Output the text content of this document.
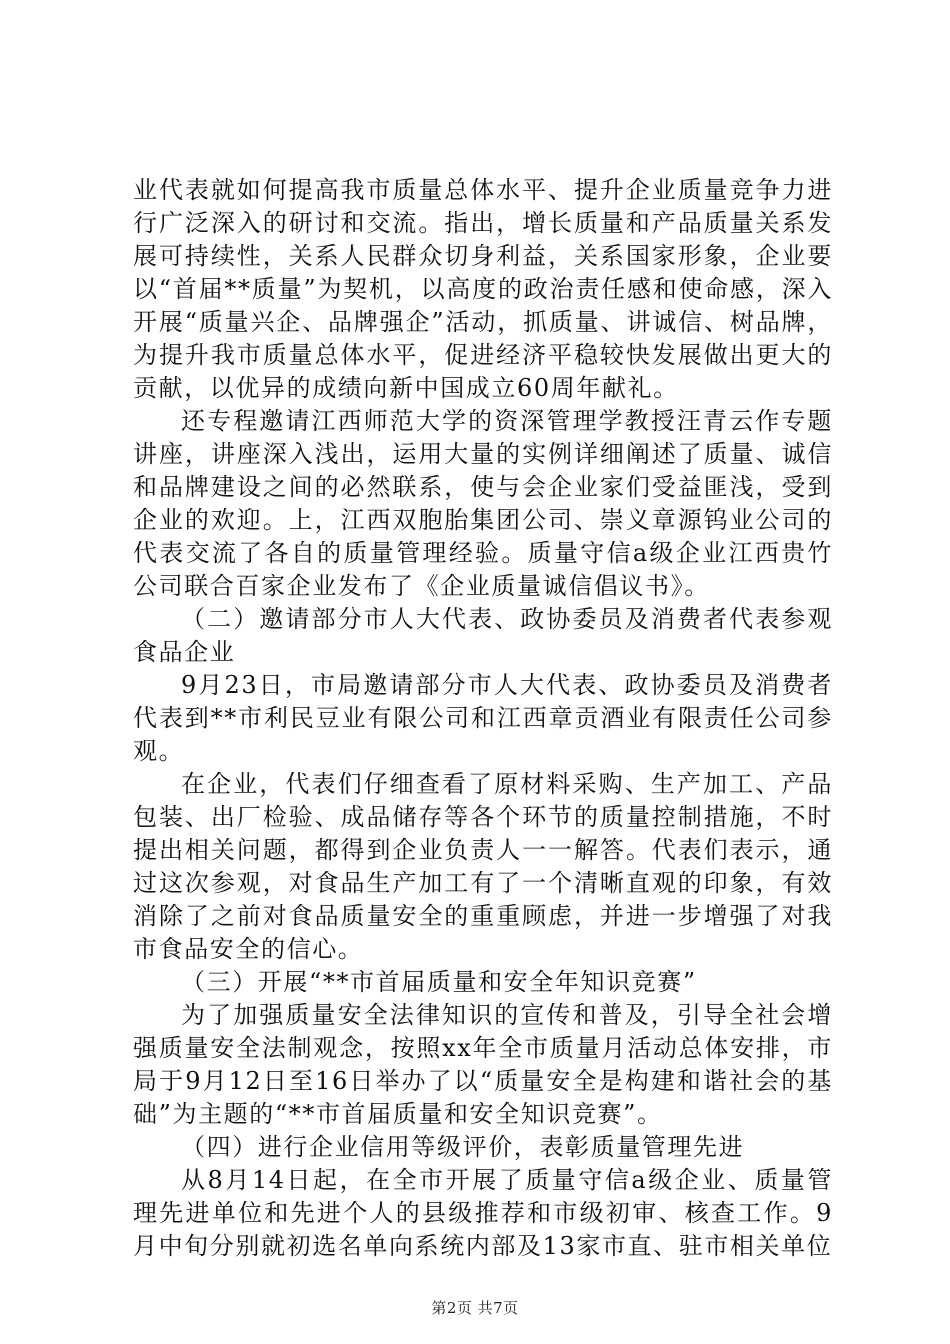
业代表就如何提高我市质量总体水平、提升企业质量竞争力进行广泛深入的研讨和交流。指出，增长质量和产品质量关系发展可持续性，关系人民群众切身利益，关系国家形象，企业要以“首届**质量”为契机，以高度的政治责任感和使命感，深入开展“质量兴企、品牌强企”活动，抓质量、讲诚信、树品牌，为提升我市质量总体水平，促进经济平稳较快发展做出更大的贡献，以优异的成绩向新中国成立60周年献礼。

还专程邀请江西师范大学的资深管理学教授汪青云作专题讲座，讲座深入浅出，运用大量的实例详细阐述了质量、诚信和品牌建设之间的必然联系，使与会企业家们受益匪浅，受到企业的欢迎。上，江西双胞胎集团公司、崇义章源钨业公司的代表交流了各自的质量管理经验。质量守信a级企业江西贵竹公司联合百家企业发布了《企业质量诚信倡议书》。

（二）邀请部分市人大代表、政协委员及消费者代表参观食品企业

9月23日，市局邀请部分市人大代表、政协委员及消费者代表到**市利民豆业有限公司和江西章贡酒业有限责任公司参观。

在企业，代表们仔细查看了原材料采购、生产加工、产品包装、出厂检验、成品储存等各个环节的质量控制措施，不时提出相关问题，都得到企业负责人一一解答。代表们表示，通过这次参观，对食品生产加工有了一个清晰直观的印象，有效消除了之前对食品质量安全的重重顾虑，并进一步增强了对我市食品安全的信心。

（三）开展“**市首届质量和安全年知识竞赛”

为了加强质量安全法律知识的宣传和普及，引导全社会增强质量安全法制观念，按照xx年全市质量月活动总体安排，市局于9月12日至16日举办了以“质量安全是构建和谐社会的基础”为主题的“**市首届质量和安全知识竞赛”。

（四）进行企业信用等级评价，表彰质量管理先进

从8月14日起，在全市开展了质量守信a级企业、质量管理先进单位和先进个人的县级推荐和市级初审、核查工作。9月中旬分别就初选名单向系统内部及13家市直、驻市相关单位

第2页 共7页
